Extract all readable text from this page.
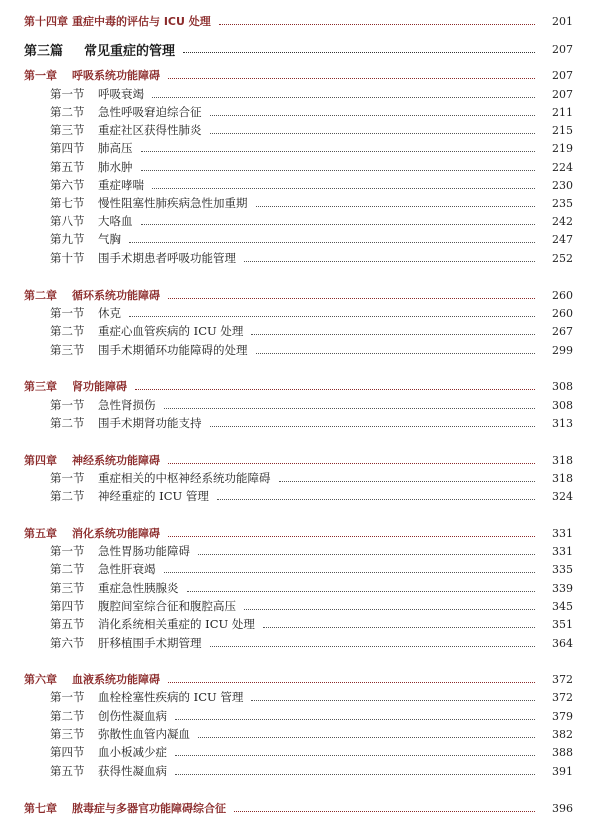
第十四章 重症中毒的评估与 ICU 处理	201
第三篇	常见重症的管理	207
第一章	呼吸系统功能障碍	207
第一节	呼吸衰竭	207
第二节	急性呼吸窘迫综合征	211
第三节	重症社区获得性肺炎	215
第四节	肺高压	219
第五节	肺水肿	224
第六节	重症哮喘	230
第七节	慢性阻塞性肺疾病急性加重期	235
第八节	大咯血	242
第九节	气胸	247
第十节	围手术期患者呼吸功能管理	252
第二章	循环系统功能障碍	260
第一节	休克	260
第二节	重症心血管疾病的 ICU 处理	267
第三节	围手术期循环功能障碍的处理	299
第三章	肾功能障碍	308
第一节	急性肾损伤	308
第二节	围手术期肾功能支持	313
第四章	神经系统功能障碍	318
第一节	重症相关的中枢神经系统功能障碍	318
第二节	神经重症的 ICU 管理	324
第五章	消化系统功能障碍	331
第一节	急性胃肠功能障碍	331
第二节	急性肝衰竭	335
第三节	重症急性胰腺炎	339
第四节	腹腔间室综合征和腹腔高压	345
第五节	消化系统相关重症的 ICU 处理	351
第六节	肝移植围手术期管理	364
第六章	血液系统功能障碍	372
第一节	血栓栓塞性疾病的 ICU 管理	372
第二节	创伤性凝血病	379
第三节	弥散性血管内凝血	382
第四节	血小板减少症	388
第五节	获得性凝血病	391
第七章	脓毒症与多器官功能障碍综合征	396
